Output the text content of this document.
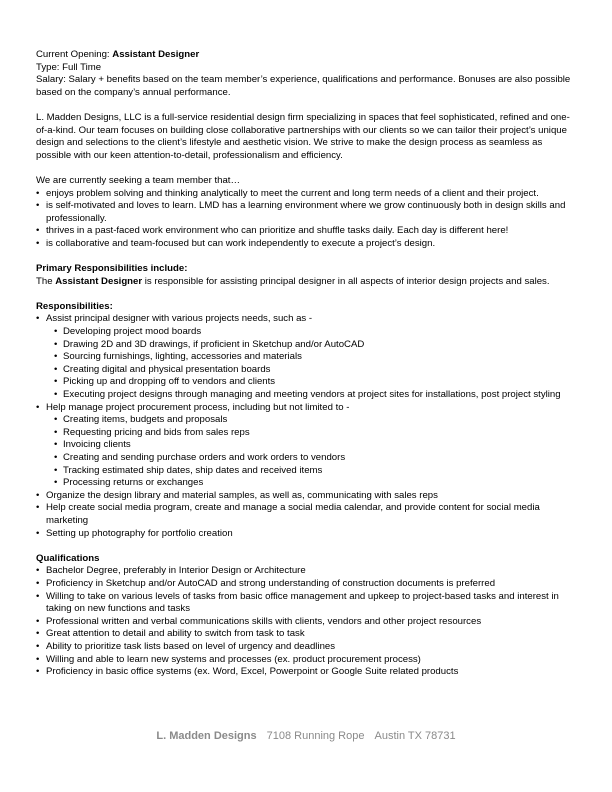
Current Opening: Assistant Designer

Type: Full Time

Salary: Salary + benefits based on the team member’s experience, qualifications and performance. Bonuses are also possible based on the company’s annual performance.

L. Madden Designs, LLC is a full-service residential design firm specializing in spaces that feel sophisticated, refined and one-of-a-kind. Our team focuses on building close collaborative partnerships with our clients so we can tailor their project’s unique design and selections to the client’s lifestyle and aesthetic vision. We strive to make the design process as seamless as possible with our keen attention-to-detail, professionalism and efficiency.

We are currently seeking a team member that…

• enjoys problem solving and thinking analytically to meet the current and long term needs of a client and their project.
• is self-motivated and loves to learn. LMD has a learning environment where we grow continuously both in design skills and professionally.
• thrives in a past-faced work environment who can prioritize and shuffle tasks daily. Each day is different here!
• is collaborative and team-focused but can work independently to execute a project’s design.

Primary Responsibilities include:

The Assistant Designer is responsible for assisting principal designer in all aspects of interior design projects and sales.

Responsibilities:

• Assist principal designer with various projects needs, such as -
• Developing project mood boards
• Drawing 2D and 3D drawings, if proficient in Sketchup and/or AutoCAD
• Sourcing furnishings, lighting, accessories and materials
• Creating digital and physical presentation boards
• Picking up and dropping off to vendors and clients
• Executing project designs through managing and meeting vendors at project sites for installations, post project styling
• Help manage project procurement process, including but not limited to -
• Creating items, budgets and proposals
• Requesting pricing and bids from sales reps
• Invoicing clients
• Creating and sending purchase orders and work orders to vendors
• Tracking estimated ship dates, ship dates and received items
• Processing returns or exchanges
• Organize the design library and material samples, as well as, communicating with sales reps
• Help create social media program, create and manage a social media calendar, and provide content for social media marketing
• Setting up photography for portfolio creation

Qualifications

• Bachelor Degree, preferably in Interior Design or Architecture
• Proficiency in Sketchup and/or AutoCAD and strong understanding of construction documents is preferred
• Willing to take on various levels of tasks from basic office management and upkeep to project-based tasks and interest in taking on new functions and tasks
• Professional written and verbal communications skills with clients, vendors and other project resources
• Great attention to detail and ability to switch from task to task
• Ability to prioritize task lists based on level of urgency and deadlines
• Willing and able to learn new systems and processes (ex. product procurement process)
• Proficiency in basic office systems (ex. Word, Excel, Powerpoint or Google Suite related products
L. Madden Designs 7108 Running Rope Austin TX 78731
